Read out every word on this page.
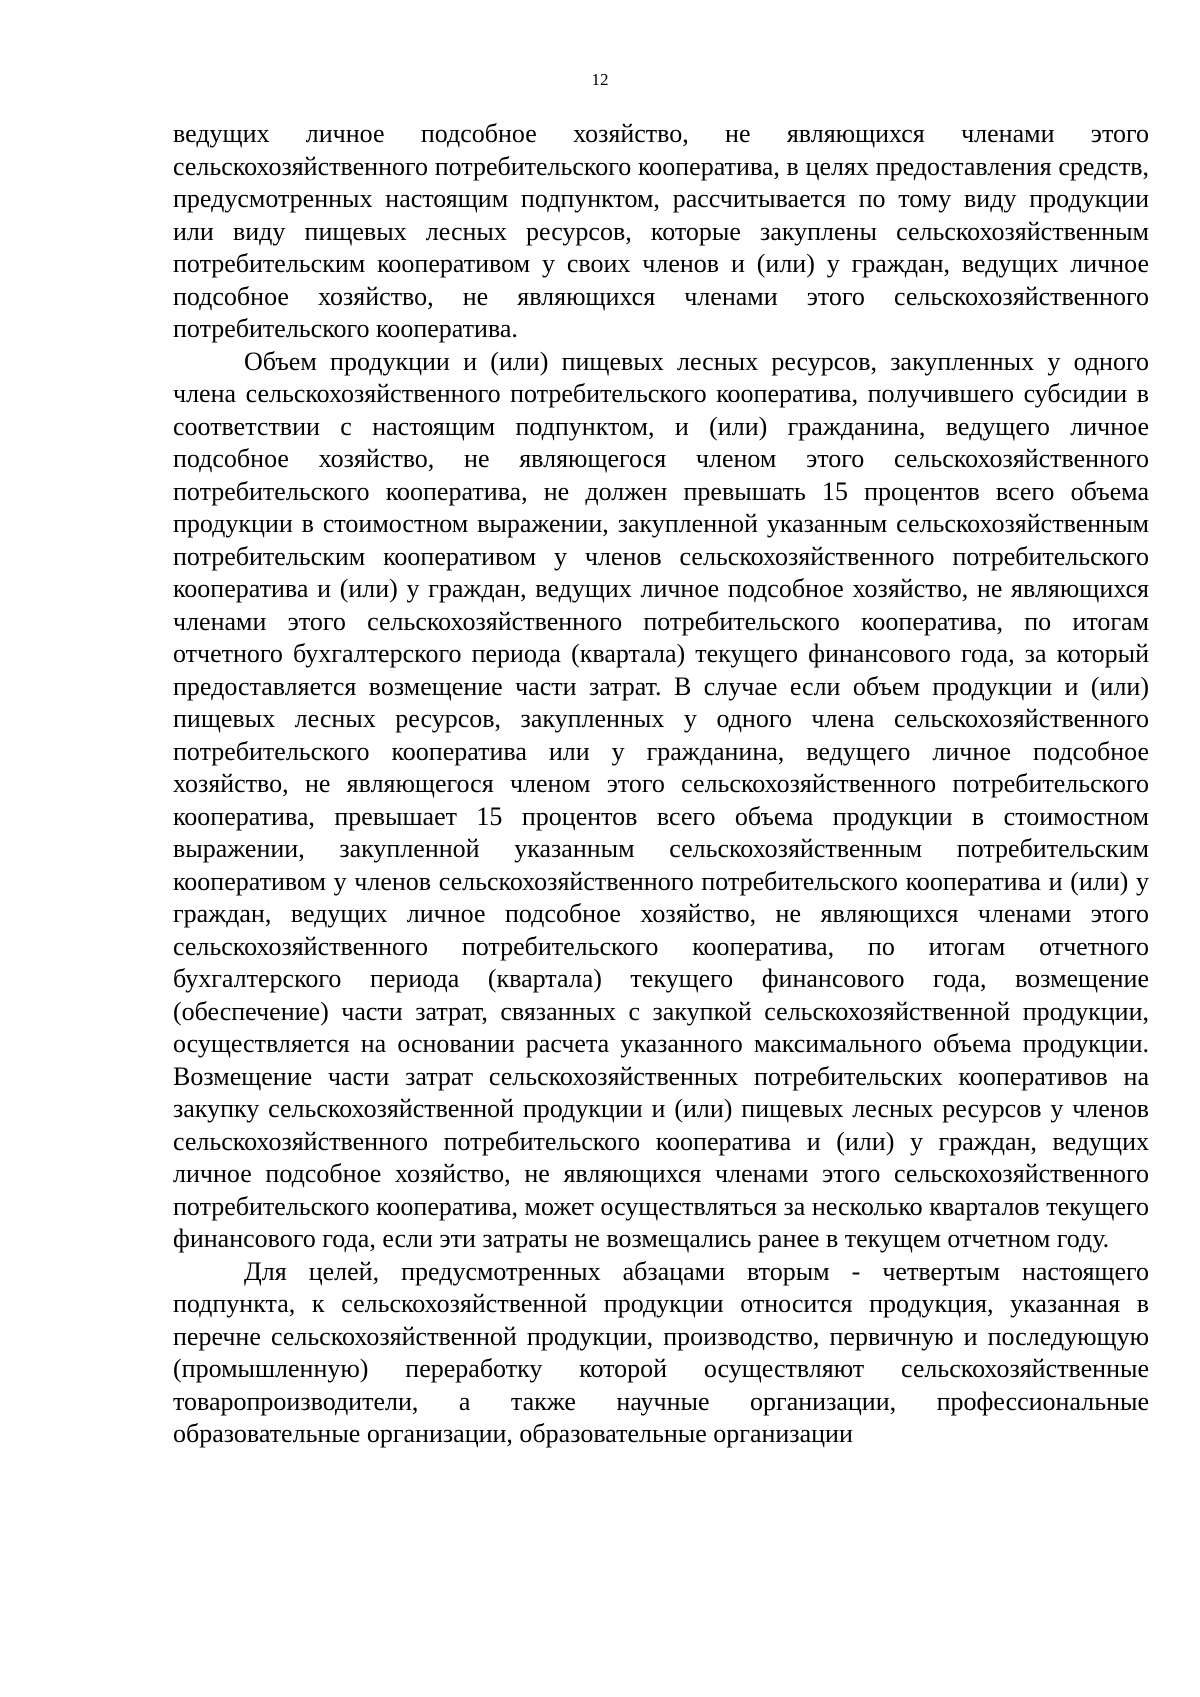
12

ведущих личное подсобное хозяйство, не являющихся членами этого сельскохозяйственного потребительского кооператива, в целях предоставления средств, предусмотренных настоящим подпунктом, рассчитывается по тому виду продукции или виду пищевых лесных ресурсов, которые закуплены сельскохозяйственным потребительским кооперативом у своих членов и (или) у граждан, ведущих личное подсобное хозяйство, не являющихся членами этого сельскохозяйственного потребительского кооператива.

Объем продукции и (или) пищевых лесных ресурсов, закупленных у одного члена сельскохозяйственного потребительского кооператива, получившего субсидии в соответствии с настоящим подпунктом, и (или) гражданина, ведущего личное подсобное хозяйство, не являющегося членом этого сельскохозяйственного потребительского кооператива, не должен превышать 15 процентов всего объема продукции в стоимостном выражении, закупленной указанным сельскохозяйственным потребительским кооперативом у членов сельскохозяйственного потребительского кооператива и (или) у граждан, ведущих личное подсобное хозяйство, не являющихся членами этого сельскохозяйственного потребительского кооператива, по итогам отчетного бухгалтерского периода (квартала) текущего финансового года, за который предоставляется возмещение части затрат. В случае если объем продукции и (или) пищевых лесных ресурсов, закупленных у одного члена сельскохозяйственного потребительского кооператива или у гражданина, ведущего личное подсобное хозяйство, не являющегося членом этого сельскохозяйственного потребительского кооператива, превышает 15 процентов всего объема продукции в стоимостном выражении, закупленной указанным сельскохозяйственным потребительским кооперативом у членов сельскохозяйственного потребительского кооператива и (или) у граждан, ведущих личное подсобное хозяйство, не являющихся членами этого сельскохозяйственного потребительского кооператива, по итогам отчетного бухгалтерского периода (квартала) текущего финансового года, возмещение (обеспечение) части затрат, связанных с закупкой сельскохозяйственной продукции, осуществляется на основании расчета указанного максимального объема продукции. Возмещение части затрат сельскохозяйственных потребительских кооперативов на закупку сельскохозяйственной продукции и (или) пищевых лесных ресурсов у членов сельскохозяйственного потребительского кооператива и (или) у граждан, ведущих личное подсобное хозяйство, не являющихся членами этого сельскохозяйственного потребительского кооператива, может осуществляться за несколько кварталов текущего финансового года, если эти затраты не возмещались ранее в текущем отчетном году.

Для целей, предусмотренных абзацами вторым - четвертым настоящего подпункта, к сельскохозяйственной продукции относится продукция, указанная в перечне сельскохозяйственной продукции, производство, первичную и последующую (промышленную) переработку которой осуществляют сельскохозяйственные товаропроизводители, а также научные организации, профессиональные образовательные организации, образовательные организации
